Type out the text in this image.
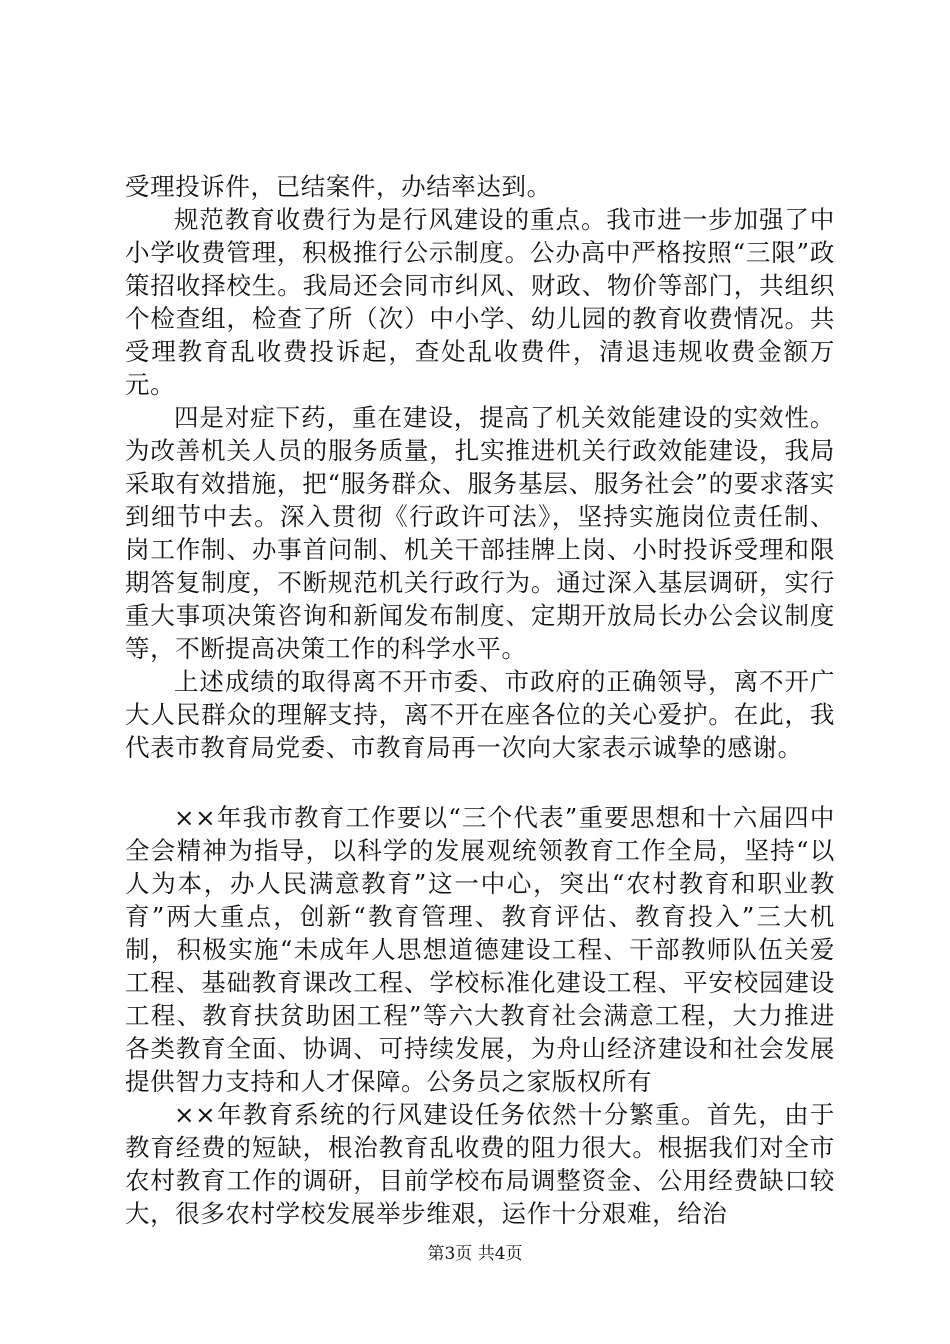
受理投诉件，已结案件，办结率达到。

规范教育收费行为是行风建设的重点。我市进一步加强了中小学收费管理，积极推行公示制度。公办高中严格按照“三限”政策招收择校生。我局还会同市纠风、财政、物价等部门，共组织个检查组，检查了所（次）中小学、幼儿园的教育收费情况。共受理教育乱收费投诉起，查处乱收费件，清退违规收费金额万元。

四是对症下药，重在建设，提高了机关效能建设的实效性。为改善机关人员的服务质量，扎实推进机关行政效能建设，我局采取有效措施，把“服务群众、服务基层、服务社会”的要求落实到细节中去。深入贯彻《行政许可法》，坚持实施岗位责任制、岗工作制、办事首问制、机关干部挂牌上岗、小时投诉受理和限期答复制度，不断规范机关行政行为。通过深入基层调研，实行重大事项决策咨询和新闻发布制度、定期开放局长办公会议制度等，不断提高决策工作的科学水平。

上述成绩的取得离不开市委、市政府的正确领导，离不开广大人民群众的理解支持，离不开在座各位的关心爱护。在此，我代表市教育局党委、市教育局再一次向大家表示诚挚的感谢。

××年我市教育工作要以“三个代表”重要思想和十六届四中全会精神为指导，以科学的发展观统领教育工作全局，坚持“以人为本，办人民满意教育”这一中心，突出“农村教育和职业教育”两大重点，创新“教育管理、教育评估、教育投入”三大机制，积极实施“未成年人思想道德建设工程、干部教师队伍关爱工程、基础教育课改工程、学校标准化建设工程、平安校园建设工程、教育扶贫助困工程”等六大教育社会满意工程，大力推进各类教育全面、协调、可持续发展，为舟山经济建设和社会发展提供智力支持和人才保障。公务员之家版权所有

××年教育系统的行风建设任务依然十分繁重。首先，由于教育经费的短缺，根治教育乱收费的阻力很大。根据我们对全市农村教育工作的调研，目前学校布局调整资金、公用经费缺口较大，很多农村学校发展举步维艰，运作十分艰难，给治

第3页 共4页
